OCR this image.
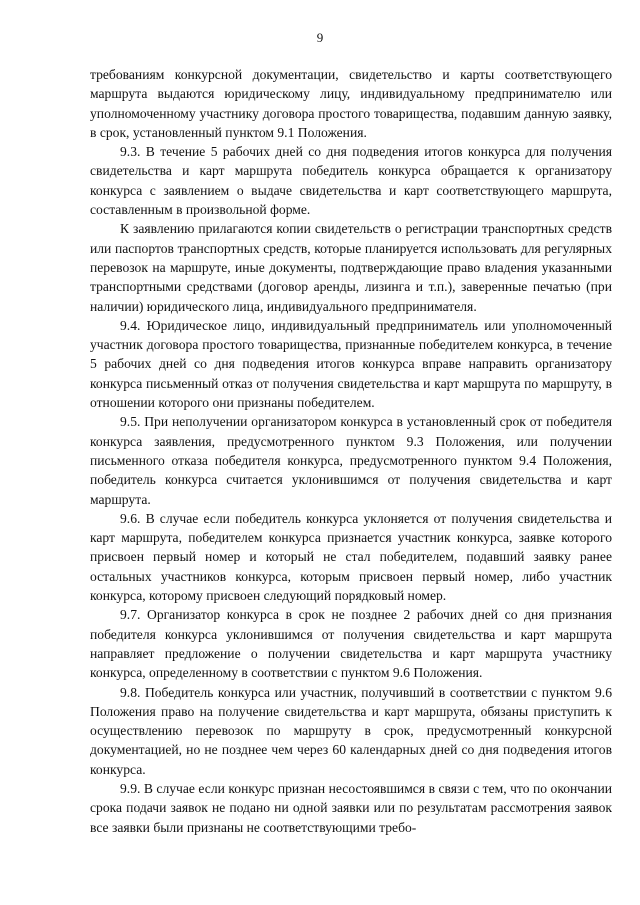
9

требованиям конкурсной документации, свидетельство и карты соответствующего маршрута выдаются юридическому лицу, индивидуальному предпринимателю или уполномоченному участнику договора простого товарищества, подавшим данную заявку, в срок, установленный пунктом 9.1 Положения.

9.3. В течение 5 рабочих дней со дня подведения итогов конкурса для получения свидетельства и карт маршрута победитель конкурса обращается к организатору конкурса с заявлением о выдаче свидетельства и карт соответствующего маршрута, составленным в произвольной форме.

К заявлению прилагаются копии свидетельств о регистрации транспортных средств или паспортов транспортных средств, которые планируется использовать для регулярных перевозок на маршруте, иные документы, подтверждающие право владения указанными транспортными средствами (договор аренды, лизинга и т.п.), заверенные печатью (при наличии) юридического лица, индивидуального предпринимателя.

9.4. Юридическое лицо, индивидуальный предприниматель или уполномоченный участник договора простого товарищества, признанные победителем конкурса, в течение 5 рабочих дней со дня подведения итогов конкурса вправе направить организатору конкурса письменный отказ от получения свидетельства и карт маршрута по маршруту, в отношении которого они признаны победителем.

9.5. При неполучении организатором конкурса в установленный срок от победителя конкурса заявления, предусмотренного пунктом 9.3 Положения, или получении письменного отказа победителя конкурса, предусмотренного пунктом 9.4 Положения, победитель конкурса считается уклонившимся от получения свидетельства и карт маршрута.

9.6. В случае если победитель конкурса уклоняется от получения свидетельства и карт маршрута, победителем конкурса признается участник конкурса, заявке которого присвоен первый номер и который не стал победителем, подавший заявку ранее остальных участников конкурса, которым присвоен первый номер, либо участник конкурса, которому присвоен следующий порядковый номер.

9.7. Организатор конкурса в срок не позднее 2 рабочих дней со дня признания победителя конкурса уклонившимся от получения свидетельства и карт маршрута направляет предложение о получении свидетельства и карт маршрута участнику конкурса, определенному в соответствии с пунктом 9.6 Положения.

9.8. Победитель конкурса или участник, получивший в соответствии с пунктом 9.6 Положения право на получение свидетельства и карт маршрута, обязаны приступить к осуществлению перевозок по маршруту в срок, предусмотренный конкурсной документацией, но не позднее чем через 60 календарных дней со дня подведения итогов конкурса.

9.9. В случае если конкурс признан несостоявшимся в связи с тем, что по окончании срока подачи заявок не подано ни одной заявки или по результатам рассмотрения заявок все заявки были признаны не соответствующими требо-
